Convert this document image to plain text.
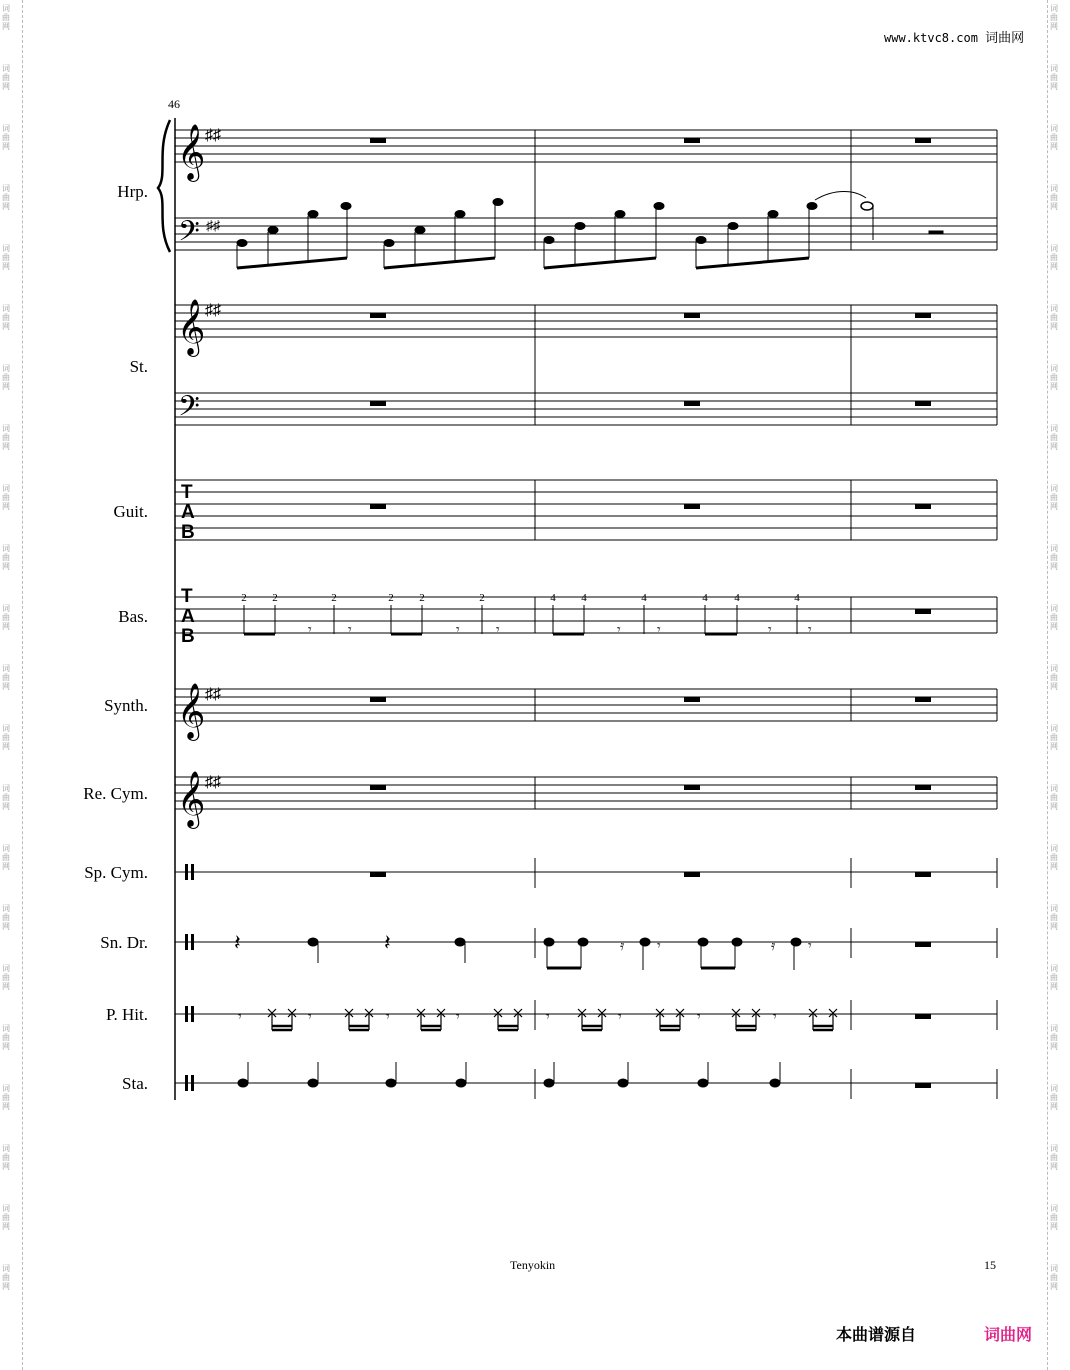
词
曲
网
词
曲
网
词
曲
网
词
曲
网
词
曲
网
词
曲
网
词
曲
网
词
曲
网
词
曲
网
词
曲
网
词
曲
网
词
曲
网
词
曲
网
词
曲
网
词
曲
网
词
曲
网
词
曲
网
词
曲
网
词
曲
网
词
曲
网
词
曲
网
词
曲
网
词
曲
网
词
曲
网
词
曲
网
词
曲
网
词
曲
网
词
曲
网
词
曲
网
词
曲
网
词
曲
网
词
曲
网
词
曲
网
词
曲
网
词
曲
网
词
曲
网
词
曲
网
词
曲
网
词
曲
网
词
曲
网
词
曲
网
词
曲
网
词
曲
网
词
曲
网
www.ktvc8.com 词曲网
46
𝄞 ♯♯
𝄢 ♯♯
𝄞 ♯♯
𝄢
T A B
T A B
2 2	2	2 2	2	4 4	4	4 4	4
𝄾	𝄾	𝄾	𝄾	𝄾	𝄾	𝄾	𝄾
𝄞 ♯♯
𝄞 ♯♯
𝄽	𝄽	𝄿 𝄾	𝄿 𝄾
𝄾	𝄾	𝄾	𝄾	𝄾	𝄾	𝄾	𝄾
Hrp.
St.
Guit.
Bas.
Synth.
Re. Cym.
Sp. Cym.
Sn. Dr.
P. Hit.
Sta.
Tenyokin	15
本曲谱源自	词曲网
